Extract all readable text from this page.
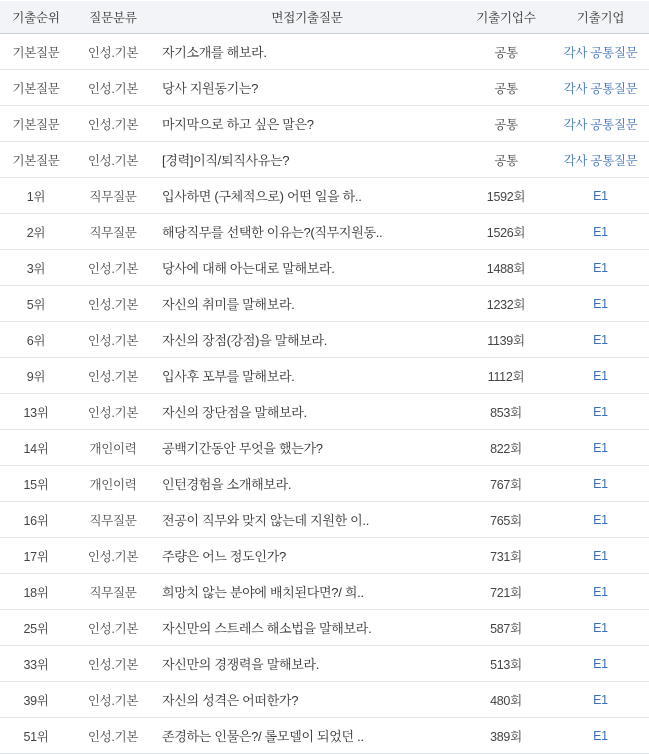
기출순위	질문분류	면접기출질문	기출기업수	기출기업
기본질문	인성.기본	자기소개를 해보라.	공통	각사 공통질문
기본질문	인성.기본	당사 지원동기는?	공통	각사 공통질문
기본질문	인성.기본	마지막으로 하고 싶은 말은?	공통	각사 공통질문
기본질문	인성.기본	[경력]이직/퇴직사유는?	공통	각사 공통질문
1위	직무질문	입사하면 (구체적으로) 어떤 일을 하..	1592회	E1
2위	직무질문	해당직무를 선택한 이유는?(직무지원동..	1526회	E1
3위	인성.기본	당사에 대해 아는대로 말해보라.	1488회	E1
5위	인성.기본	자신의 취미를 말해보라.	1232회	E1
6위	인성.기본	자신의 장점(강점)을 말해보라.	1139회	E1
9위	인성.기본	입사후 포부를 말해보라.	1112회	E1
13위	인성.기본	자신의 장단점을 말해보라.	853회	E1
14위	개인이력	공백기간동안 무엇을 했는가?	822회	E1
15위	개인이력	인턴경험을 소개해보라.	767회	E1
16위	직무질문	전공이 직무와 맞지 않는데 지원한 이..	765회	E1
17위	인성.기본	주량은 어느 정도인가?	731회	E1
18위	직무질문	희망치 않는 분야에 배치된다면?/ 희..	721회	E1
25위	인성.기본	자신만의 스트레스 해소법을 말해보라.	587회	E1
33위	인성.기본	자신만의 경쟁력을 말해보라.	513회	E1
39위	인성.기본	자신의 성격은 어떠한가?	480회	E1
51위	인성.기본	존경하는 인물은?/ 롤모델이 되었던 ..	389회	E1
